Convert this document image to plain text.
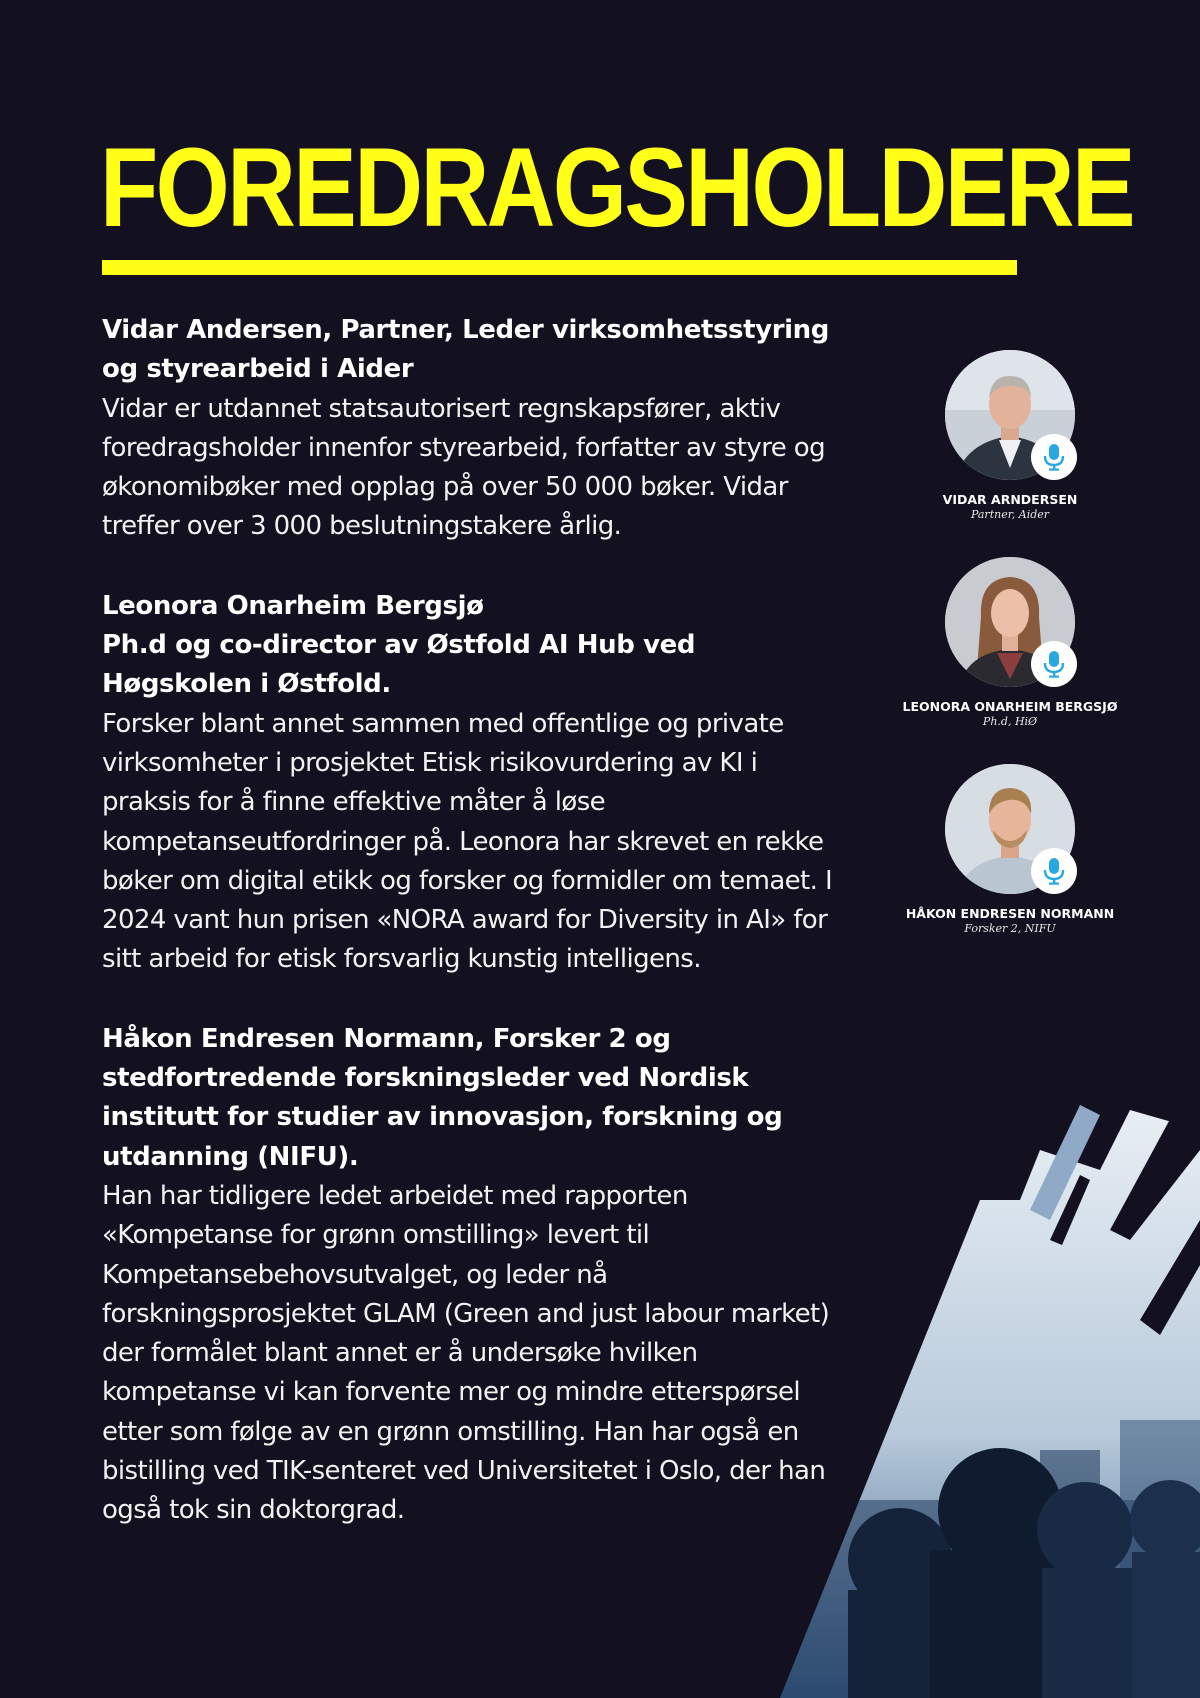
FOREDRAGSHOLDERE

Vidar Andersen, Partner, Leder virksomhetsstyring og styrearbeid i Aider

Vidar er utdannet statsautorisert regnskapsfører, aktiv foredragsholder innenfor styrearbeid, forfatter av styre og økonomibøker med opplag på over 50 000 bøker. Vidar treffer over 3 000 beslutningstakere årlig.

Leonora Onarheim Bergsjø

Ph.d og co-director av Østfold AI Hub ved Høgskolen i Østfold.

Forsker blant annet sammen med offentlige og private virksomheter i prosjektet Etisk risikovurdering av KI i praksis for å finne effektive måter å løse kompetanseutfordringer på. Leonora har skrevet en rekke bøker om digital etikk og forsker og formidler om temaet. I 2024 vant hun prisen «NORA award for Diversity in AI» for sitt arbeid for etisk forsvarlig kunstig intelligens.

Håkon Endresen Normann, Forsker 2 og stedfortredende forskningsleder ved Nordisk institutt for studier av innovasjon, forskning og utdanning (NIFU).

Han har tidligere ledet arbeidet med rapporten «Kompetanse for grønn omstilling» levert til Kompetansebehovsutvalget, og leder nå forskningsprosjektet GLAM (Green and just labour market) der formålet blant annet er å undersøke hvilken kompetanse vi kan forvente mer og mindre etterspørsel etter som følge av en grønn omstilling. Han har også en bistilling ved TIK-senteret ved Universitetet i Oslo, der han også tok sin doktorgrad.

VIDAR ARNDERSEN
Partner, Aider
LEONORA ONARHEIM BERGSJØ
Ph.d, HiØ
HÅKON ENDRESEN NORMANN
Forsker 2, NIFU
